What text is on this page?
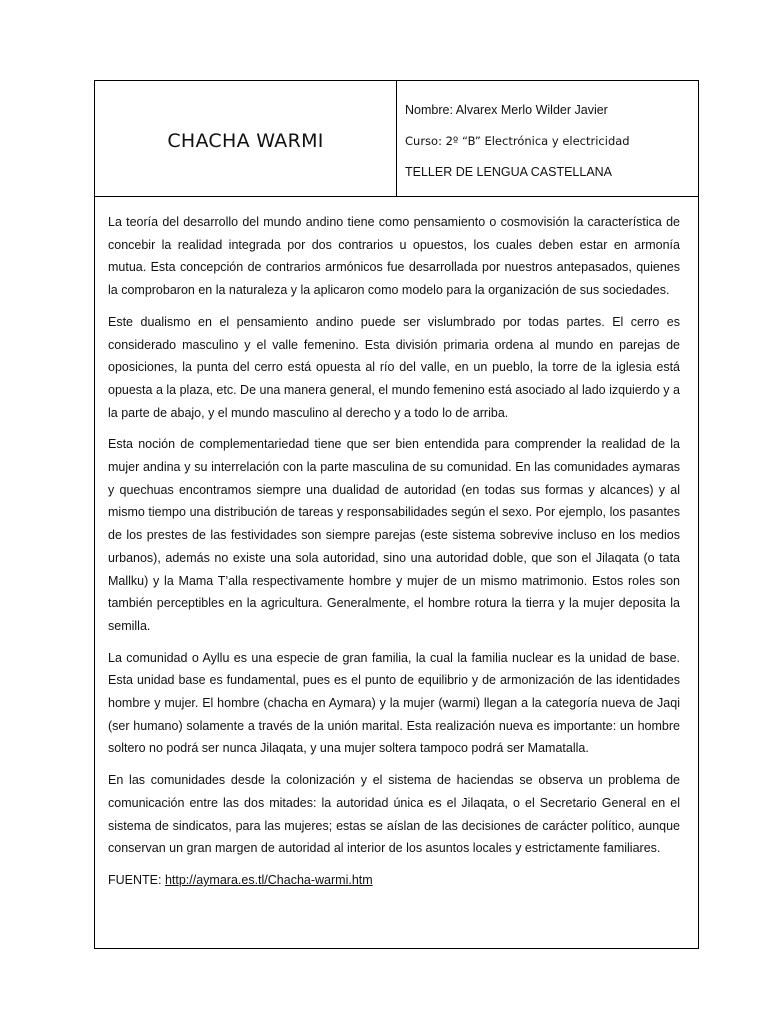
CHACHA WARMI
Nombre: Alvarex Merlo Wilder Javier
Curso: 2º “B” Electrónica y electricidad
TELLER DE LENGUA CASTELLANA

La teoría del desarrollo del mundo andino tiene como pensamiento o cosmovisión la característica de concebir la realidad integrada por dos contrarios u opuestos, los cuales deben estar en armonía mutua. Esta concepción de contrarios armónicos fue desarrollada por nuestros antepasados, quienes la comprobaron en la naturaleza y la aplicaron como modelo para la organización de sus sociedades.

Este dualismo en el pensamiento andino puede ser vislumbrado por todas partes. El cerro es considerado masculino y el valle femenino. Esta división primaria ordena al mundo en parejas de oposiciones, la punta del cerro está opuesta al río del valle, en un pueblo, la torre de la iglesia está opuesta a la plaza, etc. De una manera general, el mundo femenino está asociado al lado izquierdo y a la parte de abajo, y el mundo masculino al derecho y a todo lo de arriba.

Esta noción de complementariedad tiene que ser bien entendida para comprender la realidad de la mujer andina y su interrelación con la parte masculina de su comunidad. En las comunidades aymaras y quechuas encontramos siempre una dualidad de autoridad (en todas sus formas y alcances) y al mismo tiempo una distribución de tareas y responsabilidades según el sexo. Por ejemplo, los pasantes de los prestes de las festividades son siempre parejas (este sistema sobrevive incluso en los medios urbanos), además no existe una sola autoridad, sino una autoridad doble, que son el Jilaqata (o tata Mallku) y la Mama T’alla respectivamente hombre y mujer de un mismo matrimonio. Estos roles son también perceptibles en la agricultura. Generalmente, el hombre rotura la tierra y la mujer deposita la semilla.

La comunidad o Ayllu es una especie de gran familia, la cual la familia nuclear es la unidad de base. Esta unidad base es fundamental, pues es el punto de equilibrio y de armonización de las identidades hombre y mujer. El hombre (chacha en Aymara) y la mujer (warmi) llegan a la categoría nueva de Jaqi (ser humano) solamente a través de la unión marital. Esta realización nueva es importante: un hombre soltero no podrá ser nunca Jilaqata, y una mujer soltera tampoco podrá ser Mamatalla.

En las comunidades desde la colonización y el sistema de haciendas se observa un problema de comunicación entre las dos mitades: la autoridad única es el Jilaqata, o el Secretario General en el sistema de sindicatos, para las mujeres; estas se aíslan de las decisiones de carácter político, aunque conservan un gran margen de autoridad al interior de los asuntos locales y estrictamente familiares.

FUENTE: http://aymara.es.tl/Chacha-warmi.htm
